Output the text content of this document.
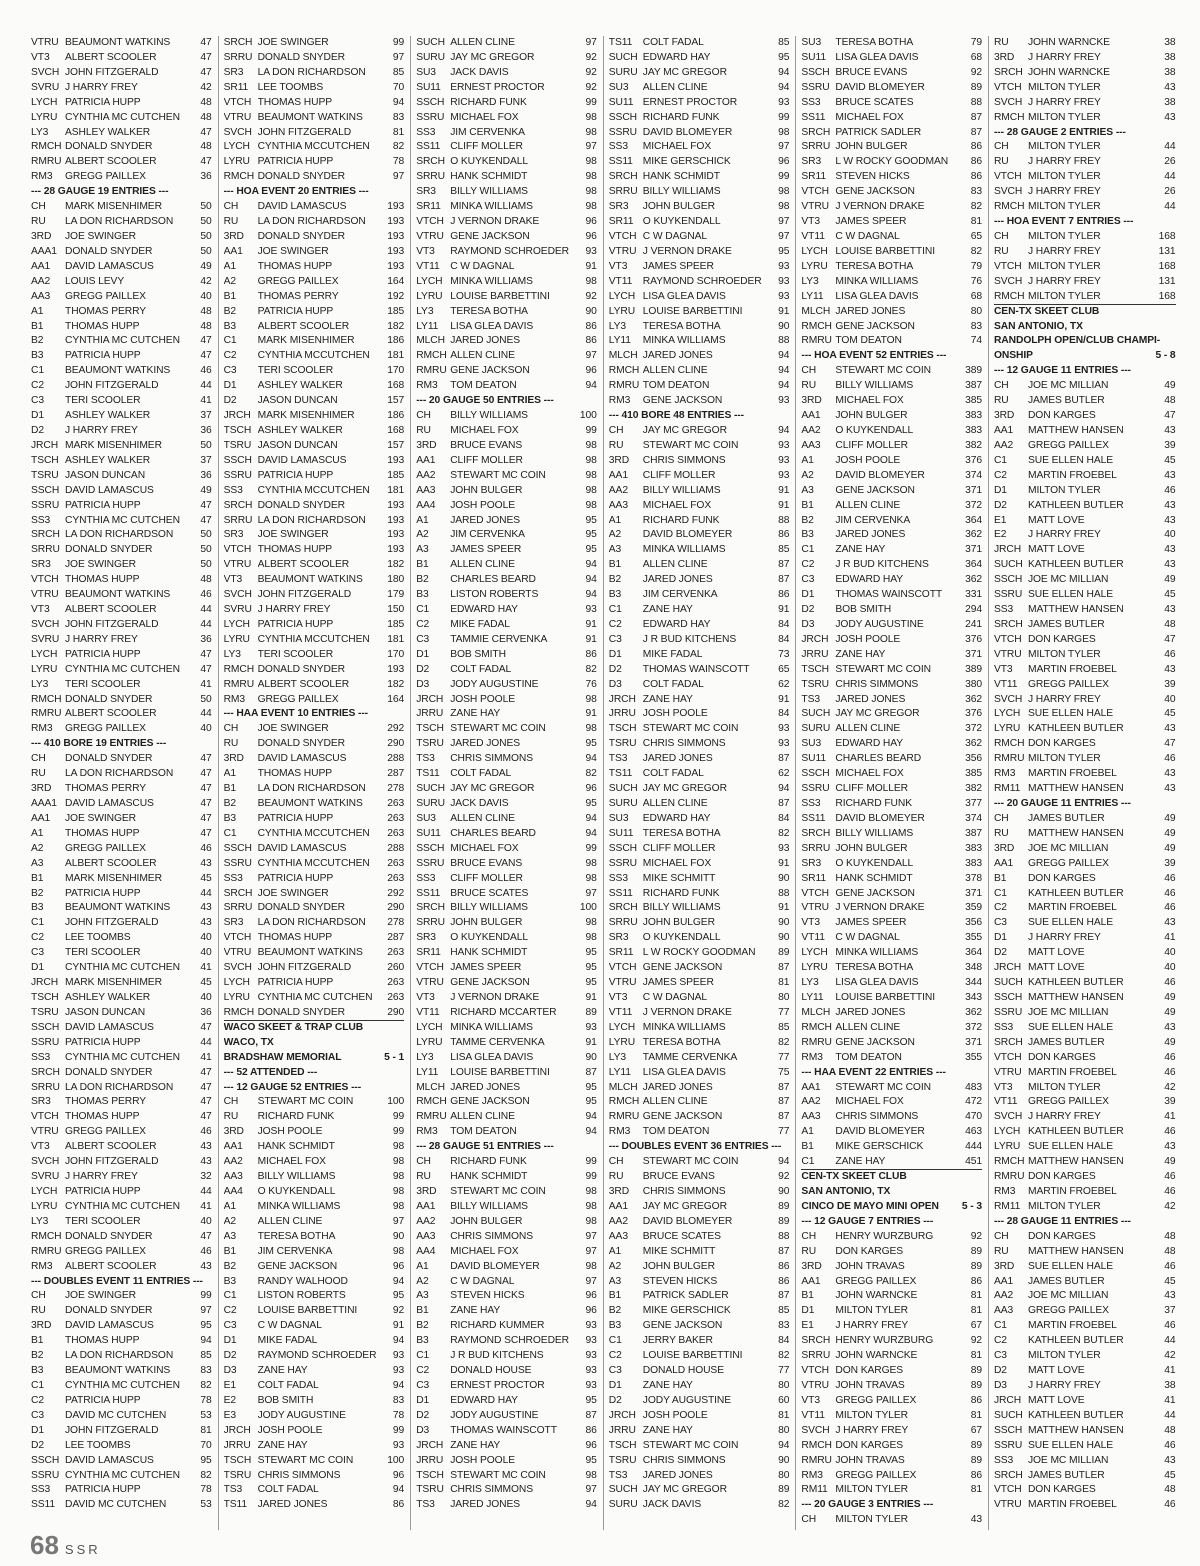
VTRU BEAUMONT WATKINS	47
VT3	ALBERT SCOOLER	47
SVCH JOHN FITZGERALD	47
SVRU J HARRY FREY	42
LYCH PATRICIA HUPP	48
LYRU CYNTHIA MC CUTCHEN	48
LY3	ASHLEY WALKER	47
RMCH DONALD SNYDER	48
RMRU ALBERT SCOOLER	47
RM3	GREGG PAILLEX	36
--- 28 GAUGE 19 ENTRIES ---
CH	MARK MISENHIMER	50
RU	LA DON RICHARDSON	50
3RD	JOE SWINGER	50
AAA1 DONALD SNYDER	50
AA1	DAVID LAMASCUS	49
AA2	LOUIS LEVY	42
AA3	GREGG PAILLEX	40
A1	THOMAS PERRY	48
B1	THOMAS HUPP	48
B2	CYNTHIA MC CUTCHEN	47
B3	PATRICIA HUPP	47
C1	BEAUMONT WATKINS	46
C2	JOHN FITZGERALD	44
C3	TERI SCOOLER	41
D1	ASHLEY WALKER	37
D2	J HARRY FREY	36
JRCH MARK MISENHIMER	50
TSCH ASHLEY WALKER	37
TSRU JASON DUNCAN	36
SSCH DAVID LAMASCUS	49
SSRU PATRICIA HUPP	47
SS3	CYNTHIA MC CUTCHEN	47
SRCH LA DON RICHARDSON	50
SRRU DONALD SNYDER	50
SR3	JOE SWINGER	50
VTCH THOMAS HUPP	48
VTRU BEAUMONT WATKINS	46
VT3	ALBERT SCOOLER	44
SVCH JOHN FITZGERALD	44
SVRU J HARRY FREY	36
LYCH PATRICIA HUPP	47
LYRU CYNTHIA MC CUTCHEN	47
LY3	TERI SCOOLER	41
RMCH DONALD SNYDER	50
RMRU ALBERT SCOOLER	44
RM3	GREGG PAILLEX	40
--- 410 BORE 19 ENTRIES ---
CH	DONALD SNYDER	47
RU	LA DON RICHARDSON	47
3RD	THOMAS PERRY	47
AAA1 DAVID LAMASCUS	47
AA1	JOE SWINGER	47
A1	THOMAS HUPP	47
A2	GREGG PAILLEX	46
A3	ALBERT SCOOLER	43
B1	MARK MISENHIMER	45
B2	PATRICIA HUPP	44
B3	BEAUMONT WATKINS	43
C1	JOHN FITZGERALD	43
C2	LEE TOOMBS	40
C3	TERI SCOOLER	40
D1	CYNTHIA MC CUTCHEN	41
JRCH MARK MISENHIMER	45
TSCH ASHLEY WALKER	40
TSRU JASON DUNCAN	36
SSCH DAVID LAMASCUS	47
SSRU PATRICIA HUPP	44
SS3	CYNTHIA MC CUTCHEN	41
SRCH DONALD SNYDER	47
SRRU LA DON RICHARDSON	47
SR3	THOMAS PERRY	47
VTCH THOMAS HUPP	47
VTRU GREGG PAILLEX	46
VT3	ALBERT SCOOLER	43
SVCH JOHN FITZGERALD	43
SVRU J HARRY FREY	32
LYCH PATRICIA HUPP	44
LYRU CYNTHIA MC CUTCHEN	41
LY3	TERI SCOOLER	40
RMCH DONALD SNYDER	47
RMRU GREGG PAILLEX	46
RM3	ALBERT SCOOLER	43
--- DOUBLES EVENT 11 ENTRIES ---
CH	JOE SWINGER	99
RU	DONALD SNYDER	97
3RD	DAVID LAMASCUS	95
B1	THOMAS HUPP	94
B2	LA DON RICHARDSON	85
B3	BEAUMONT WATKINS	83
C1	CYNTHIA MC CUTCHEN	82
C2	PATRICIA HUPP	78
C3	DAVID MC CUTCHEN	53
D1	JOHN FITZGERALD	81
D2	LEE TOOMBS	70
SSCH DAVID LAMASCUS	95
SSRU CYNTHIA MC CUTCHEN	82
SS3	PATRICIA HUPP	78
SS11 DAVID MC CUTCHEN	53
SRCH JOE SWINGER	99
SRRU DONALD SNYDER	97
SR3	LA DON RICHARDSON	85
SR11 LEE TOOMBS	70
VTCH THOMAS HUPP	94
VTRU BEAUMONT WATKINS	83
SVCH JOHN FITZGERALD	81
LYCH CYNTHIA MCCUTCHEN	82
LYRU PATRICIA HUPP	78
RMCH DONALD SNYDER	97
--- HOA EVENT 20 ENTRIES ---
CH	DAVID LAMASCUS	193
RU	LA DON RICHARDSON	193
3RD	DONALD SNYDER	193
AA1	JOE SWINGER	193
A1	THOMAS HUPP	193
A2	GREGG PAILLEX	164
B1	THOMAS PERRY	192
B2	PATRICIA HUPP	185
B3	ALBERT SCOOLER	182
C1	MARK MISENHIMER	186
C2	CYNTHIA MCCUTCHEN	181
C3	TERI SCOOLER	170
D1	ASHLEY WALKER	168
D2	JASON DUNCAN	157
JRCH MARK MISENHIMER	186
TSCH ASHLEY WALKER	168
TSRU JASON DUNCAN	157
SSCH DAVID LAMASCUS	193
SSRU PATRICIA HUPP	185
SS3	CYNTHIA MCCUTCHEN	181
SRCH DONALD SNYDER	193
SRRU LA DON RICHARDSON	193
SR3	JOE SWINGER	193
VTCH THOMAS HUPP	193
VTRU ALBERT SCOOLER	182
VT3	BEAUMONT WATKINS	180
SVCH JOHN FITZGERALD	179
SVRU J HARRY FREY	150
LYCH PATRICIA HUPP	185
LYRU CYNTHIA MCCUTCHEN	181
LY3	TERI SCOOLER	170
RMCH DONALD SNYDER	193
RMRU ALBERT SCOOLER	182
RM3	GREGG PAILLEX	164
--- HAA EVENT 10 ENTRIES ---
CH	JOE SWINGER	292
RU	DONALD SNYDER	290
3RD	DAVID LAMASCUS	288
A1	THOMAS HUPP	287
B1	LA DON RICHARDSON	278
B2	BEAUMONT WATKINS	263
B3	PATRICIA HUPP	263
C1	CYNTHIA MCCUTCHEN	263
SSCH DAVID LAMASCUS	288
SSRU CYNTHIA MCCUTCHEN	263
SS3	PATRICIA HUPP	263
SRCH JOE SWINGER	292
SRRU DONALD SNYDER	290
SR3	LA DON RICHARDSON	278
VTCH THOMAS HUPP	287
VTRU BEAUMONT WATKINS	263
SVCH JOHN FITZGERALD	260
LYCH PATRICIA HUPP	263
LYRU CYNTHIA MC CUTCHEN	263
RMCH DONALD SNYDER	290
WACO SKEET & TRAP CLUB
WACO, TX
BRADSHAW MEMORIAL	5 - 1
--- 52 ATTENDED ---
--- 12 GAUGE 52 ENTRIES ---
CH	STEWART MC COIN	100
RU	RICHARD FUNK	99
3RD	JOSH POOLE	99
AA1	HANK SCHMIDT	98
AA2	MICHAEL FOX	98
AA3	BILLY WILLIAMS	98
AA4	O KUYKENDALL	98
A1	MINKA WILLIAMS	98
A2	ALLEN CLINE	97
A3	TERESA BOTHA	90
B1	JIM CERVENKA	98
B2	GENE JACKSON	96
B3	RANDY WALHOOD	94
C1	LISTON ROBERTS	95
C2	LOUISE BARBETTINI	92
C3	C W DAGNAL	91
D1	MIKE FADAL	94
D2	RAYMOND SCHROEDER	93
D3	ZANE HAY	93
E1	COLT FADAL	94
E2	BOB SMITH	83
E3	JODY AUGUSTINE	78
JRCH JOSH POOLE	99
JRRU ZANE HAY	93
TSCH STEWART MC COIN	100
TSRU CHRIS SIMMONS	96
TS3	COLT FADAL	94
TS11	JARED JONES	86
SUCH ALLEN CLINE	97
SURU JAY MC GREGOR	92
SU3	JACK DAVIS	92
SU11 ERNEST PROCTOR	92
SSCH RICHARD FUNK	99
SSRU MICHAEL FOX	98
SS3	JIM CERVENKA	98
SS11 CLIFF MOLLER	97
SRCH O KUYKENDALL	98
SRRU HANK SCHMIDT	98
SR3	BILLY WILLIAMS	98
SR11 MINKA WILLIAMS	98
VTCH J VERNON DRAKE	96
VTRU GENE JACKSON	96
VT3	RAYMOND SCHROEDER	93
VT11	C W DAGNAL	91
LYCH MINKA WILLIAMS	98
LYRU LOUISE BARBETTINI	92
LY3	TERESA BOTHA	90
LY11	LISA GLEA DAVIS	86
MLCH JARED JONES	86
RMCH ALLEN CLINE	97
RMRU GENE JACKSON	96
RM3	TOM DEATON	94
--- 20 GAUGE 50 ENTRIES ---
CH	BILLY WILLIAMS	100
RU	MICHAEL FOX	99
3RD	BRUCE EVANS	98
AA1	CLIFF MOLLER	98
AA2	STEWART MC COIN	98
AA3	JOHN BULGER	98
AA4	JOSH POOLE	98
A1	JARED JONES	95
A2	JIM CERVENKA	95
A3	JAMES SPEER	95
B1	ALLEN CLINE	94
B2	CHARLES BEARD	94
B3	LISTON ROBERTS	94
C1	EDWARD HAY	93
C2	MIKE FADAL	91
C3	TAMMIE CERVENKA	91
D1	BOB SMITH	86
D2	COLT FADAL	82
D3	JODY AUGUSTINE	76
JRCH JOSH POOLE	98
JRRU ZANE HAY	91
TSCH STEWART MC COIN	98
TSRU JARED JONES	95
TS3	CHRIS SIMMONS	94
TS11	COLT FADAL	82
SUCH JAY MC GREGOR	96
SURU JACK DAVIS	95
SU3	ALLEN CLINE	94
SU11 CHARLES BEARD	94
SSCH MICHAEL FOX	99
SSRU BRUCE EVANS	98
SS3	CLIFF MOLLER	98
SS11 BRUCE SCATES	97
SRCH BILLY WILLIAMS	100
SRRU JOHN BULGER	98
SR3	O KUYKENDALL	98
SR11 HANK SCHMIDT	95
VTCH JAMES SPEER	95
VTRU GENE JACKSON	95
VT3	J VERNON DRAKE	91
VT11	RICHARD MCCARTER	89
LYCH MINKA WILLIAMS	93
LYRU TAMME CERVENKA	91
LY3	LISA GLEA DAVIS	90
LY11	LOUISE BARBETTINI	87
MLCH JARED JONES	95
RMCH GENE JACKSON	95
RMRU ALLEN CLINE	94
RM3	TOM DEATON	94
--- 28 GAUGE 51 ENTRIES ---
CH	RICHARD FUNK	99
RU	HANK SCHMIDT	99
3RD	STEWART MC COIN	98
AA1	BILLY WILLIAMS	98
AA2	JOHN BULGER	98
AA3	CHRIS SIMMONS	97
AA4	MICHAEL FOX	97
A1	DAVID BLOMEYER	98
A2	C W DAGNAL	97
A3	STEVEN HICKS	96
B1	ZANE HAY	96
B2	RICHARD KUMMER	93
B3	RAYMOND SCHROEDER	93
C1	J R BUD KITCHENS	93
C2	DONALD HOUSE	93
C3	ERNEST PROCTOR	93
D1	EDWARD HAY	95
D2	JODY AUGUSTINE	87
D3	THOMAS WAINSCOTT	86
JRCH ZANE HAY	96
JRRU JOSH POOLE	95
TSCH STEWART MC COIN	98
TSRU CHRIS SIMMONS	97
TS3	JARED JONES	94
TS11	COLT FADAL	85
SUCH EDWARD HAY	95
SURU JAY MC GREGOR	94
SU3	ALLEN CLINE	94
SU11 ERNEST PROCTOR	93
SSCH RICHARD FUNK	99
SSRU DAVID BLOMEYER	98
SS3	MICHAEL FOX	97
SS11 MIKE GERSCHICK	96
SRCH HANK SCHMIDT	99
SRRU BILLY WILLIAMS	98
SR3	JOHN BULGER	98
SR11 O KUYKENDALL	97
VTCH C W DAGNAL	97
VTRU J VERNON DRAKE	95
VT3	JAMES SPEER	93
VT11	RAYMOND SCHROEDER	93
LYCH LISA GLEA DAVIS	93
LYRU LOUISE BARBETTINI	91
LY3	TERESA BOTHA	90
LY11	MINKA WILLIAMS	88
MLCH JARED JONES	94
RMCH ALLEN CLINE	94
RMRU TOM DEATON	94
RM3	GENE JACKSON	93
--- 410 BORE 48 ENTRIES ---
CH	JAY MC GREGOR	94
RU	STEWART MC COIN	93
3RD	CHRIS SIMMONS	93
AA1	CLIFF MOLLER	93
AA2	BILLY WILLIAMS	91
AA3	MICHAEL FOX	91
A1	RICHARD FUNK	88
A2	DAVID BLOMEYER	86
A3	MINKA WILLIAMS	85
B1	ALLEN CLINE	87
B2	JARED JONES	87
B3	JIM CERVENKA	86
C1	ZANE HAY	91
C2	EDWARD HAY	84
C3	J R BUD KITCHENS	84
D1	MIKE FADAL	73
D2	THOMAS WAINSCOTT	65
D3	COLT FADAL	62
JRCH ZANE HAY	91
JRRU JOSH POOLE	84
TSCH STEWART MC COIN	93
TSRU CHRIS SIMMONS	93
TS3	JARED JONES	87
TS11	COLT FADAL	62
SUCH JAY MC GREGOR	94
SURU ALLEN CLINE	87
SU3	EDWARD HAY	84
SU11 TERESA BOTHA	82
SSCH CLIFF MOLLER	93
SSRU MICHAEL FOX	91
SS3	MIKE SCHMITT	90
SS11 RICHARD FUNK	88
SRCH BILLY WILLIAMS	91
SRRU JOHN BULGER	90
SR3	O KUYKENDALL	90
SR11 L W ROCKY GOODMAN	89
VTCH GENE JACKSON	87
VTRU JAMES SPEER	81
VT3	C W DAGNAL	80
VT11	J VERNON DRAKE	77
LYCH MINKA WILLIAMS	85
LYRU TERESA BOTHA	82
LY3	TAMME CERVENKA	77
LY11	LISA GLEA DAVIS	75
MLCH JARED JONES	87
RMCH ALLEN CLINE	87
RMRU GENE JACKSON	87
RM3	TOM DEATON	77
--- DOUBLES EVENT 36 ENTRIES ---
CH	STEWART MC COIN	94
RU	BRUCE EVANS	92
3RD	CHRIS SIMMONS	90
AA1	JAY MC GREGOR	89
AA2	DAVID BLOMEYER	89
AA3	BRUCE SCATES	88
A1	MIKE SCHMITT	87
A2	JOHN BULGER	86
A3	STEVEN HICKS	86
B1	PATRICK SADLER	87
B2	MIKE GERSCHICK	85
B3	GENE JACKSON	83
C1	JERRY BAKER	84
C2	LOUISE BARBETTINI	82
C3	DONALD HOUSE	77
D1	ZANE HAY	80
D2	JODY AUGUSTINE	60
JRCH JOSH POOLE	81
JRRU ZANE HAY	80
TSCH STEWART MC COIN	94
TSRU CHRIS SIMMONS	90
TS3	JARED JONES	80
SUCH JAY MC GREGOR	89
SURU JACK DAVIS	82
SU3	TERESA BOTHA	79
SU11 LISA GLEA DAVIS	68
SSCH BRUCE EVANS	92
SSRU DAVID BLOMEYER	89
SS3	BRUCE SCATES	88
SS11 MICHAEL FOX	87
SRCH PATRICK SADLER	87
SRRU JOHN BULGER	86
SR3	L W ROCKY GOODMAN	86
SR11 STEVEN HICKS	86
VTCH GENE JACKSON	83
VTRU J VERNON DRAKE	82
VT3	JAMES SPEER	81
VT11	C W DAGNAL	65
LYCH LOUISE BARBETTINI	82
LYRU TERESA BOTHA	79
LY3	MINKA WILLIAMS	76
LY11	LISA GLEA DAVIS	68
MLCH JARED JONES	80
RMCH GENE JACKSON	83
RMRU TOM DEATON	74
--- HOA EVENT 52 ENTRIES ---
CH	STEWART MC COIN	389
RU	BILLY WILLIAMS	387
3RD	MICHAEL FOX	385
AA1	JOHN BULGER	383
AA2	O KUYKENDALL	383
AA3	CLIFF MOLLER	382
A1	JOSH POOLE	376
A2	DAVID BLOMEYER	374
A3	GENE JACKSON	371
B1	ALLEN CLINE	372
B2	JIM CERVENKA	364
B3	JARED JONES	362
C1	ZANE HAY	371
C2	J R BUD KITCHENS	364
C3	EDWARD HAY	362
D1	THOMAS WAINSCOTT	331
D2	BOB SMITH	294
D3	JODY AUGUSTINE	241
JRCH JOSH POOLE	376
JRRU ZANE HAY	371
TSCH STEWART MC COIN	389
TSRU CHRIS SIMMONS	380
TS3	JARED JONES	362
SUCH JAY MC GREGOR	376
SURU ALLEN CLINE	372
SU3	EDWARD HAY	362
SU11 CHARLES BEARD	356
SSCH MICHAEL FOX	385
SSRU CLIFF MOLLER	382
SS3	RICHARD FUNK	377
SS11 DAVID BLOMEYER	374
SRCH BILLY WILLIAMS	387
SRRU JOHN BULGER	383
SR3	O KUYKENDALL	383
SR11 HANK SCHMIDT	378
VTCH GENE JACKSON	371
VTRU J VERNON DRAKE	359
VT3	JAMES SPEER	356
VT11	C W DAGNAL	355
LYCH MINKA WILLIAMS	364
LYRU TERESA BOTHA	348
LY3	LISA GLEA DAVIS	344
LY11	LOUISE BARBETTINI	343
MLCH JARED JONES	362
RMCH ALLEN CLINE	372
RMRU GENE JACKSON	371
RM3	TOM DEATON	355
--- HAA EVENT 22 ENTRIES ---
AA1	STEWART MC COIN	483
AA2	MICHAEL FOX	472
AA3	CHRIS SIMMONS	470
A1	DAVID BLOMEYER	463
B1	MIKE GERSCHICK	444
C1	ZANE HAY	451
CEN-TX SKEET CLUB
SAN ANTONIO, TX
CINCO DE MAYO MINI OPEN	5 - 3
--- 12 GAUGE 7 ENTRIES ---
CH	HENRY WURZBURG	92
RU	DON KARGES	89
3RD	JOHN TRAVAS	89
AA1	GREGG PAILLEX	86
B1	JOHN WARNCKE	81
D1	MILTON TYLER	81
E1	J HARRY FREY	67
SRCH HENRY WURZBURG	92
SRRU JOHN WARNCKE	81
VTCH DON KARGES	89
VTRU JOHN TRAVAS	89
VT3	GREGG PAILLEX	86
VT11	MILTON TYLER	81
SVCH J HARRY FREY	67
RMCH DON KARGES	89
RMRU JOHN TRAVAS	89
RM3	GREGG PAILLEX	86
RM11 MILTON TYLER	81
--- 20 GAUGE 3 ENTRIES ---
CH	MILTON TYLER	43
RU	JOHN WARNCKE	38
3RD	J HARRY FREY	38
SRCH JOHN WARNCKE	38
VTCH MILTON TYLER	43
SVCH J HARRY FREY	38
RMCH MILTON TYLER	43
--- 28 GAUGE 2 ENTRIES ---
CH	MILTON TYLER	44
RU	J HARRY FREY	26
VTCH MILTON TYLER	44
SVCH J HARRY FREY	26
RMCH MILTON TYLER	44
--- HOA EVENT 7 ENTRIES ---
CH	MILTON TYLER	168
RU	J HARRY FREY	131
VTCH MILTON TYLER	168
SVCH J HARRY FREY	131
RMCH MILTON TYLER	168
CEN-TX SKEET CLUB
SAN ANTONIO, TX
RANDOLPH OPEN/CLUB CHAMPI-
ONSHIP	5 - 8
--- 12 GAUGE 11 ENTRIES ---
CH	JOE MC MILLIAN	49
RU	JAMES BUTLER	48
3RD	DON KARGES	47
AA1	MATTHEW HANSEN	43
AA2	GREGG PAILLEX	39
C1	SUE ELLEN HALE	45
C2	MARTIN FROEBEL	43
D1	MILTON TYLER	46
D2	KATHLEEN BUTLER	43
E1	MATT LOVE	43
E2	J HARRY FREY	40
JRCH MATT LOVE	43
SUCH KATHLEEN BUTLER	43
SSCH JOE MC MILLIAN	49
SSRU SUE ELLEN HALE	45
SS3	MATTHEW HANSEN	43
SRCH JAMES BUTLER	48
VTCH DON KARGES	47
VTRU MILTON TYLER	46
VT3	MARTIN FROEBEL	43
VT11	GREGG PAILLEX	39
SVCH J HARRY FREY	40
LYCH SUE ELLEN HALE	45
LYRU KATHLEEN BUTLER	43
RMCH DON KARGES	47
RMRU MILTON TYLER	46
RM3	MARTIN FROEBEL	43
RM11 MATTHEW HANSEN	43
--- 20 GAUGE 11 ENTRIES ---
CH	JAMES BUTLER	49
RU	MATTHEW HANSEN	49
3RD	JOE MC MILLIAN	49
AA1	GREGG PAILLEX	39
B1	DON KARGES	46
C1	KATHLEEN BUTLER	46
C2	MARTIN FROEBEL	46
C3	SUE ELLEN HALE	43
D1	J HARRY FREY	41
D2	MATT LOVE	40
JRCH MATT LOVE	40
SUCH KATHLEEN BUTLER	46
SSCH MATTHEW HANSEN	49
SSRU JOE MC MILLIAN	49
SS3	SUE ELLEN HALE	43
SRCH JAMES BUTLER	49
VTCH DON KARGES	46
VTRU MARTIN FROEBEL	46
VT3	MILTON TYLER	42
VT11	GREGG PAILLEX	39
SVCH J HARRY FREY	41
LYCH KATHLEEN BUTLER	46
LYRU SUE ELLEN HALE	43
RMCH MATTHEW HANSEN	49
RMRU DON KARGES	46
RM3	MARTIN FROEBEL	46
RM11 MILTON TYLER	42
--- 28 GAUGE 11 ENTRIES ---
CH	DON KARGES	48
RU	MATTHEW HANSEN	48
3RD	SUE ELLEN HALE	46
AA1	JAMES BUTLER	45
AA2	JOE MC MILLIAN	43
AA3	GREGG PAILLEX	37
C1	MARTIN FROEBEL	46
C2	KATHLEEN BUTLER	44
C3	MILTON TYLER	42
D2	MATT LOVE	41
D3	J HARRY FREY	38
JRCH MATT LOVE	41
SUCH KATHLEEN BUTLER	44
SSCH MATTHEW HANSEN	48
SSRU SUE ELLEN HALE	46
SS3	JOE MC MILLIAN	43
SRCH JAMES BUTLER	45
VTCH DON KARGES	48
VTRU MARTIN FROEBEL	46
68 SSR
